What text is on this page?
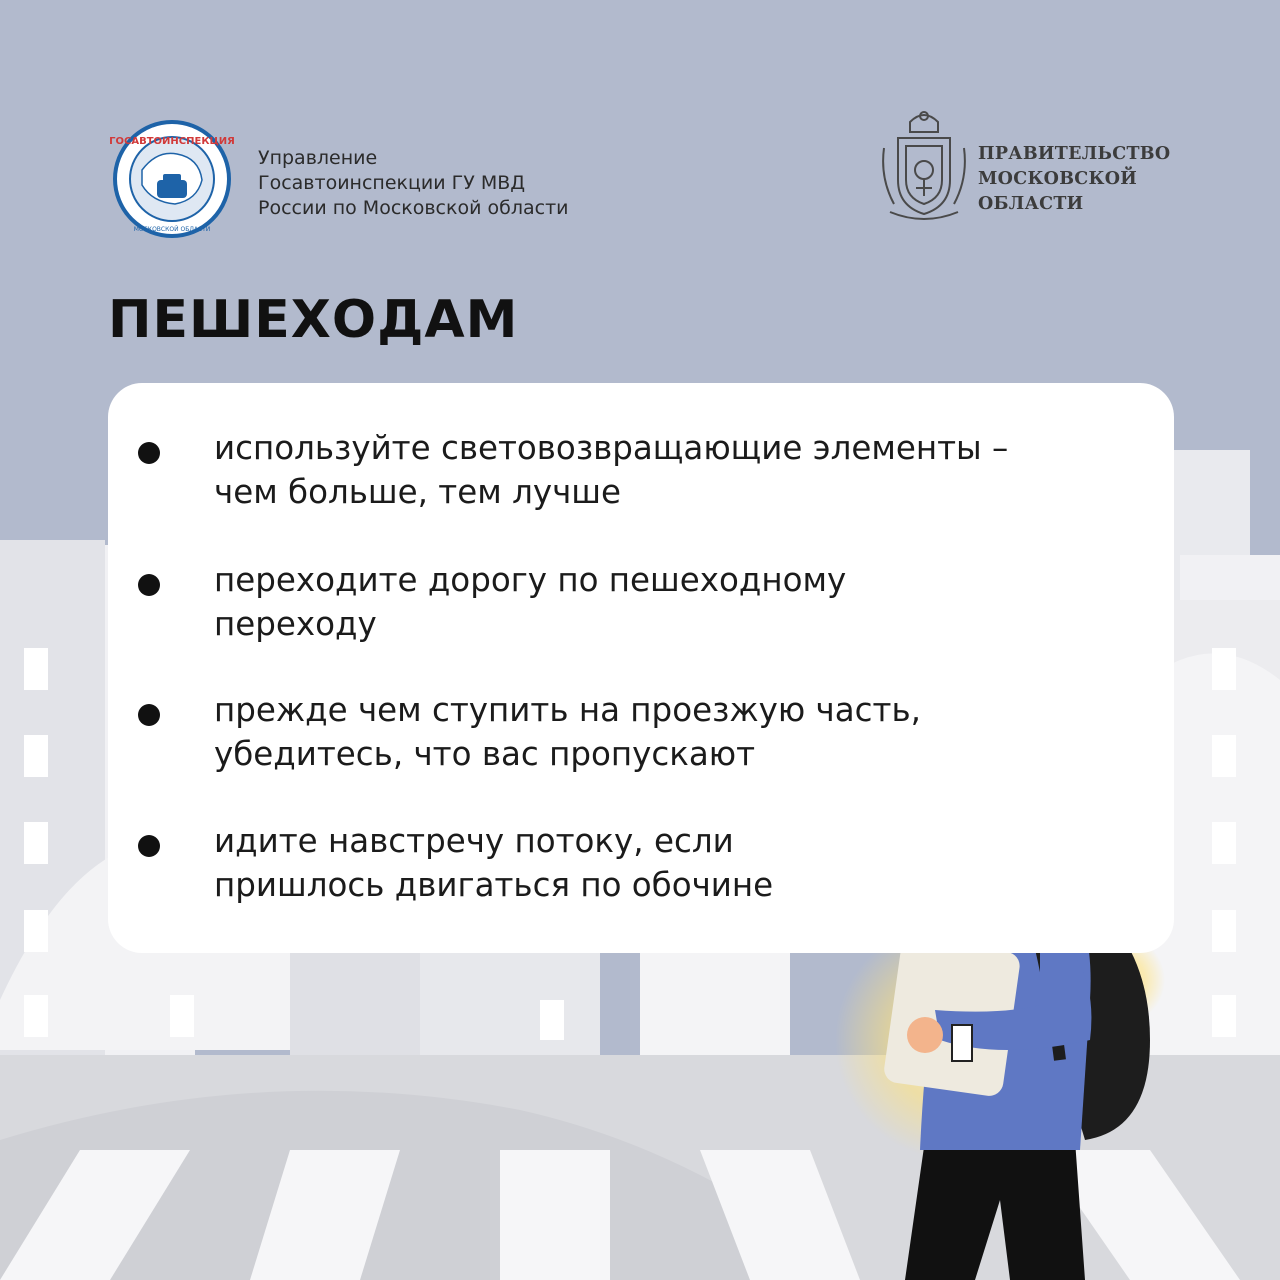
ГОСАВТОИНСПЕКЦИЯ
МОСКОВСКОЙ ОБЛАСТИ
Управление
Госавтоинспекции ГУ МВД
России по Московской области
ПРАВИТЕЛЬСТВО
МОСКОВСКОЙ
ОБЛАСТИ
ПЕШЕХОДАМ
используйте световозвращающие элементы –
чем больше, тем лучше
переходите дорогу по пешеходному
переходу
прежде чем ступить на проезжую часть,
убедитесь, что вас пропускают
идите навстречу потоку, если
пришлось двигаться по обочине
